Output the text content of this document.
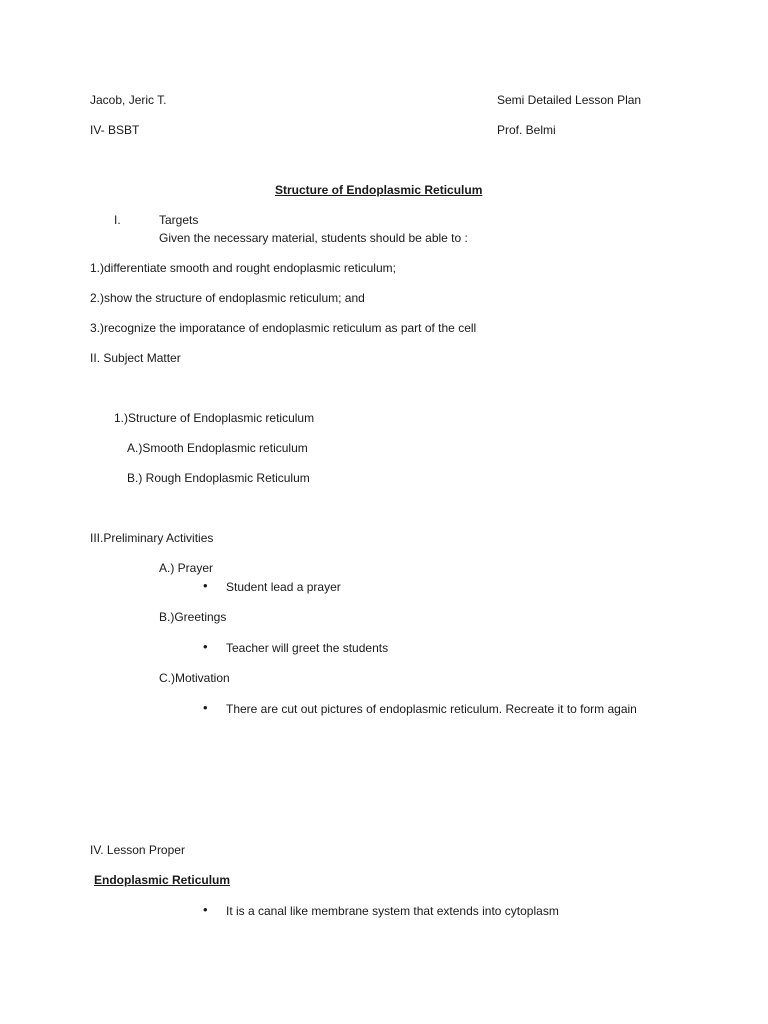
Jacob, Jeric T.	Semi Detailed Lesson Plan
IV- BSBT	Prof. Belmi
Structure of Endoplasmic Reticulum
I.	Targets
Given the necessary material, students should be able to :
1.)differentiate smooth and rought endoplasmic reticulum;
2.)show the structure of endoplasmic reticulum; and
3.)recognize the imporatance of endoplasmic reticulum as part of the cell
II. Subject Matter
1.)Structure of Endoplasmic reticulum
A.)Smooth Endoplasmic reticulum
B.) Rough Endoplasmic Reticulum
III.Preliminary Activities
A.) Prayer
• Student lead a prayer
B.)Greetings
• Teacher will greet the students
C.)Motivation
• There are cut out pictures of endoplasmic reticulum. Recreate it to form again
IV. Lesson Proper
Endoplasmic Reticulum
• It is a canal like membrane system that extends into cytoplasm
